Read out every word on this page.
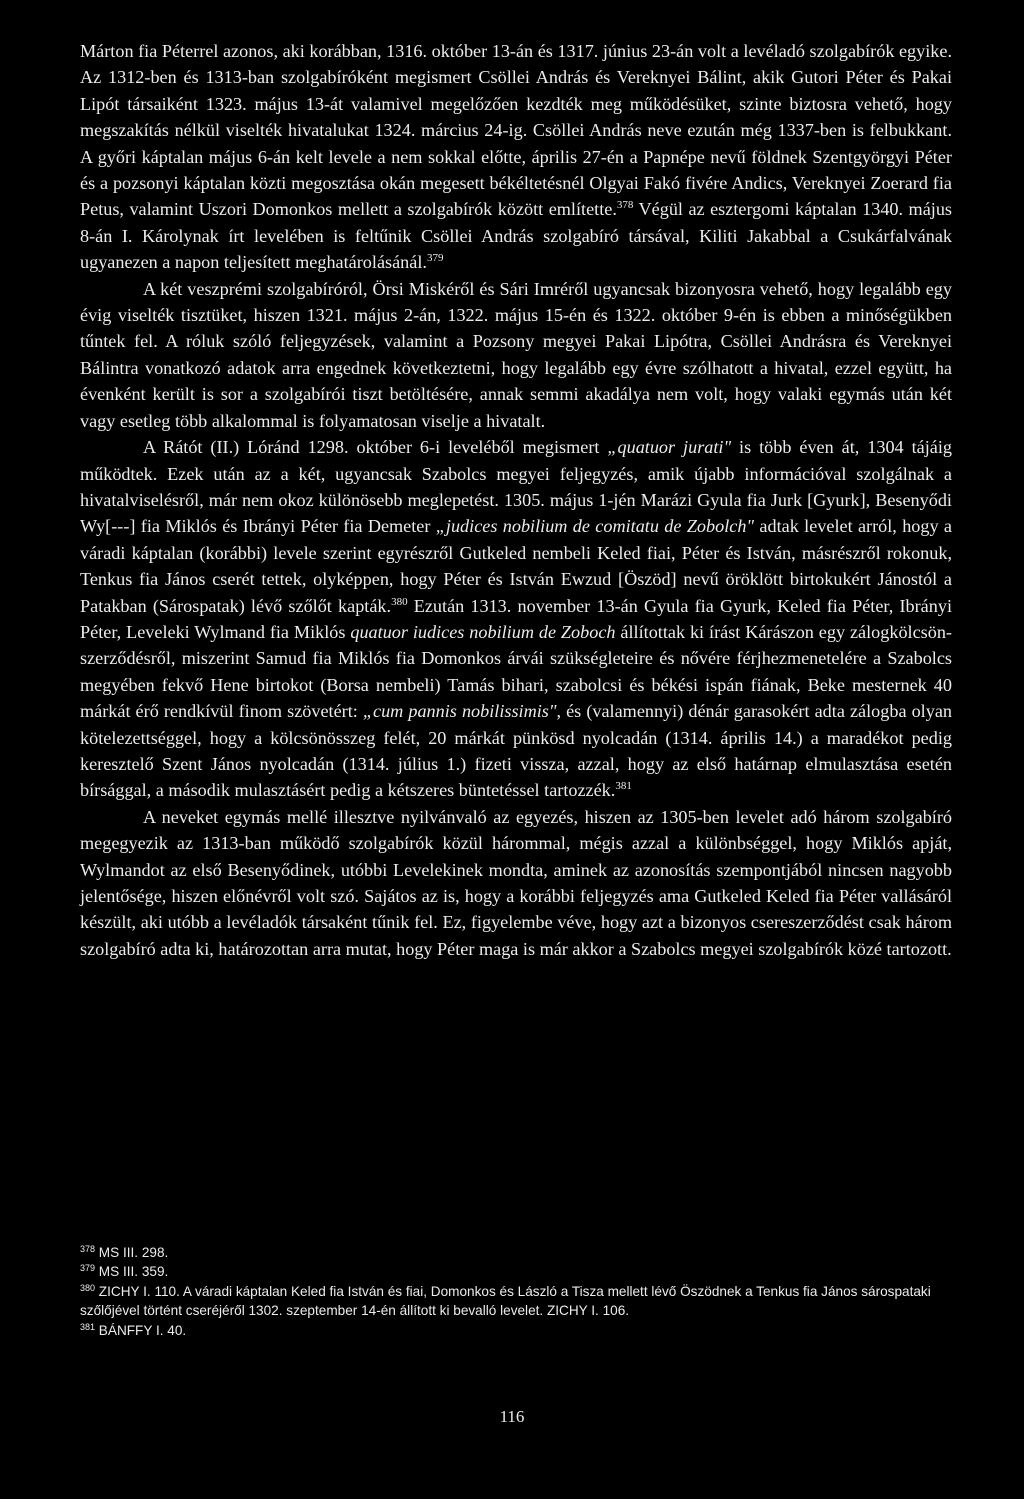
Márton fia Péterrel azonos, aki korábban, 1316. október 13-án és 1317. június 23-án volt a levéladó szolgabírók egyike. Az 1312-ben és 1313-ban szolgabíróként megismert Csöllei András és Vereknyei Bálint, akik Gutori Péter és Pakai Lipót társaiként 1323. május 13-át valamivel megelőzően kezdték meg működésüket, szinte biztosra vehető, hogy megszakítás nélkül viselték hivatalukat 1324. március 24-ig. Csöllei András neve ezután még 1337-ben is felbukkant. A győri káptalan május 6-án kelt levele a nem sokkal előtte, április 27-én a Papnépe nevű földnek Szentgyörgyi Péter és a pozsonyi káptalan közti megosztása okán megesett békéltetésnél Olgyai Fakó fivére Andics, Vereknyei Zoerard fia Petus, valamint Uszori Domonkos mellett a szolgabírók között említette.$^{378}$ Végül az esztergomi káptalan 1340. május 8-án I. Károlynak írt levelében is feltűnik Csöllei András szolgabíró társával, Kiliti Jakabbal a Csukárfalvának ugyanezen a napon teljesített meghatárolásánál.$^{379}$

A két veszprémi szolgabíróról, Örsi Miskéről és Sári Imréről ugyancsak bizonyosra vehető, hogy legalább egy évig viselték tisztüket, hiszen 1321. május 2-án, 1322. május 15-én és 1322. október 9-én is ebben a minőségükben tűntek fel. A róluk szóló feljegyzések, valamint a Pozsony megyei Pakai Lipótra, Csöllei Andrásra és Vereknyei Bálintra vonatkozó adatok arra engednek következtetni, hogy legalább egy évre szólhatott a hivatal, ezzel együtt, ha évenként került is sor a szolgabírói tiszt betöltésére, annak semmi akadálya nem volt, hogy valaki egymás után két vagy esetleg több alkalommal is folyamatosan viselje a hivatalt.

A Rátót (II.) Lóránd 1298. október 6-i leveléből megismert „quatuor jurati" is több éven át, 1304 tájáig működtek. Ezek után az a két, ugyancsak Szabolcs megyei feljegyzés, amik újabb információval szolgálnak a hivatalviselésről, már nem okoz különösebb meglepetést. 1305. május 1-jén Marázi Gyula fia Jurk [Gyurk], Besenyődi Wy[---] fia Miklós és Ibrányi Péter fia Demeter „judices nobilium de comitatu de Zobolch" adtak levelet arról, hogy a váradi káptalan (korábbi) levele szerint egyrészről Gutkeled nembeli Keled fiai, Péter és István, másrészről rokonuk, Tenkus fia János cserét tettek, olyképpen, hogy Péter és István Ewzud [Öszöd] nevű öröklött birtokukért Jánostól a Patakban (Sárospatak) lévő szőlőt kapták.$^{380}$ Ezután 1313. november 13-án Gyula fia Gyurk, Keled fia Péter, Ibrányi Péter, Leveleki Wylmand fia Miklós quatuor iudices nobilium de Zoboch állítottak ki írást Kárászon egy zálogkölcsön-szerződésről, miszerint Samud fia Miklós fia Domonkos árvái szükségleteire és nővére férjhezmenetelére a Szabolcs megyében fekvő Hene birtokot (Borsa nembeli) Tamás bihari, szabolcsi és békési ispán fiának, Beke mesternek 40 márkát érő rendkívül finom szövetért: „cum pannis nobilissimis", és (valamennyi) dénár garasokért adta zálogba olyan kötelezettséggel, hogy a kölcsönösszeg felét, 20 márkát pünkösd nyolcadán (1314. április 14.) a maradékot pedig keresztelő Szent János nyolcadán (1314. július 1.) fizeti vissza, azzal, hogy az első határnap elmulasztása esetén bírsággal, a második mulasztásért pedig a kétszeres büntetéssel tartozzék.$^{381}$

A neveket egymás mellé illesztve nyilvánvaló az egyezés, hiszen az 1305-ben levelet adó három szolgabíró megegyezik az 1313-ban működő szolgabírók közül hárommal, mégis azzal a különbséggel, hogy Miklós apját, Wylmandot az első Besenyődinek, utóbbi Levelekinek mondta, aminek az azonosítás szempontjából nincsen nagyobb jelentősége, hiszen előnévről volt szó. Sajátos az is, hogy a korábbi feljegyzés ama Gutkeled Keled fia Péter vallásáról készült, aki utóbb a levéladók társaként tűnik fel. Ez, figyelembe véve, hogy azt a bizonyos csereszerződést csak három szolgabíró adta ki, határozottan arra mutat, hogy Péter maga is már akkor a Szabolcs megyei szolgabírók közé tartozott.

$^{378}$ MS III. 298.

$^{379}$ MS III. 359.

$^{380}$ ZICHY I. 110. A váradi káptalan Keled fia István és fiai, Domonkos és László a Tisza mellett lévő Öszödnek a Tenkus fia János sárospataki szőlőjével történt cseréjéről 1302. szeptember 14-én állított ki bevalló levelet. ZICHY I. 106.

$^{381}$ BÁNFFY I. 40.

116
